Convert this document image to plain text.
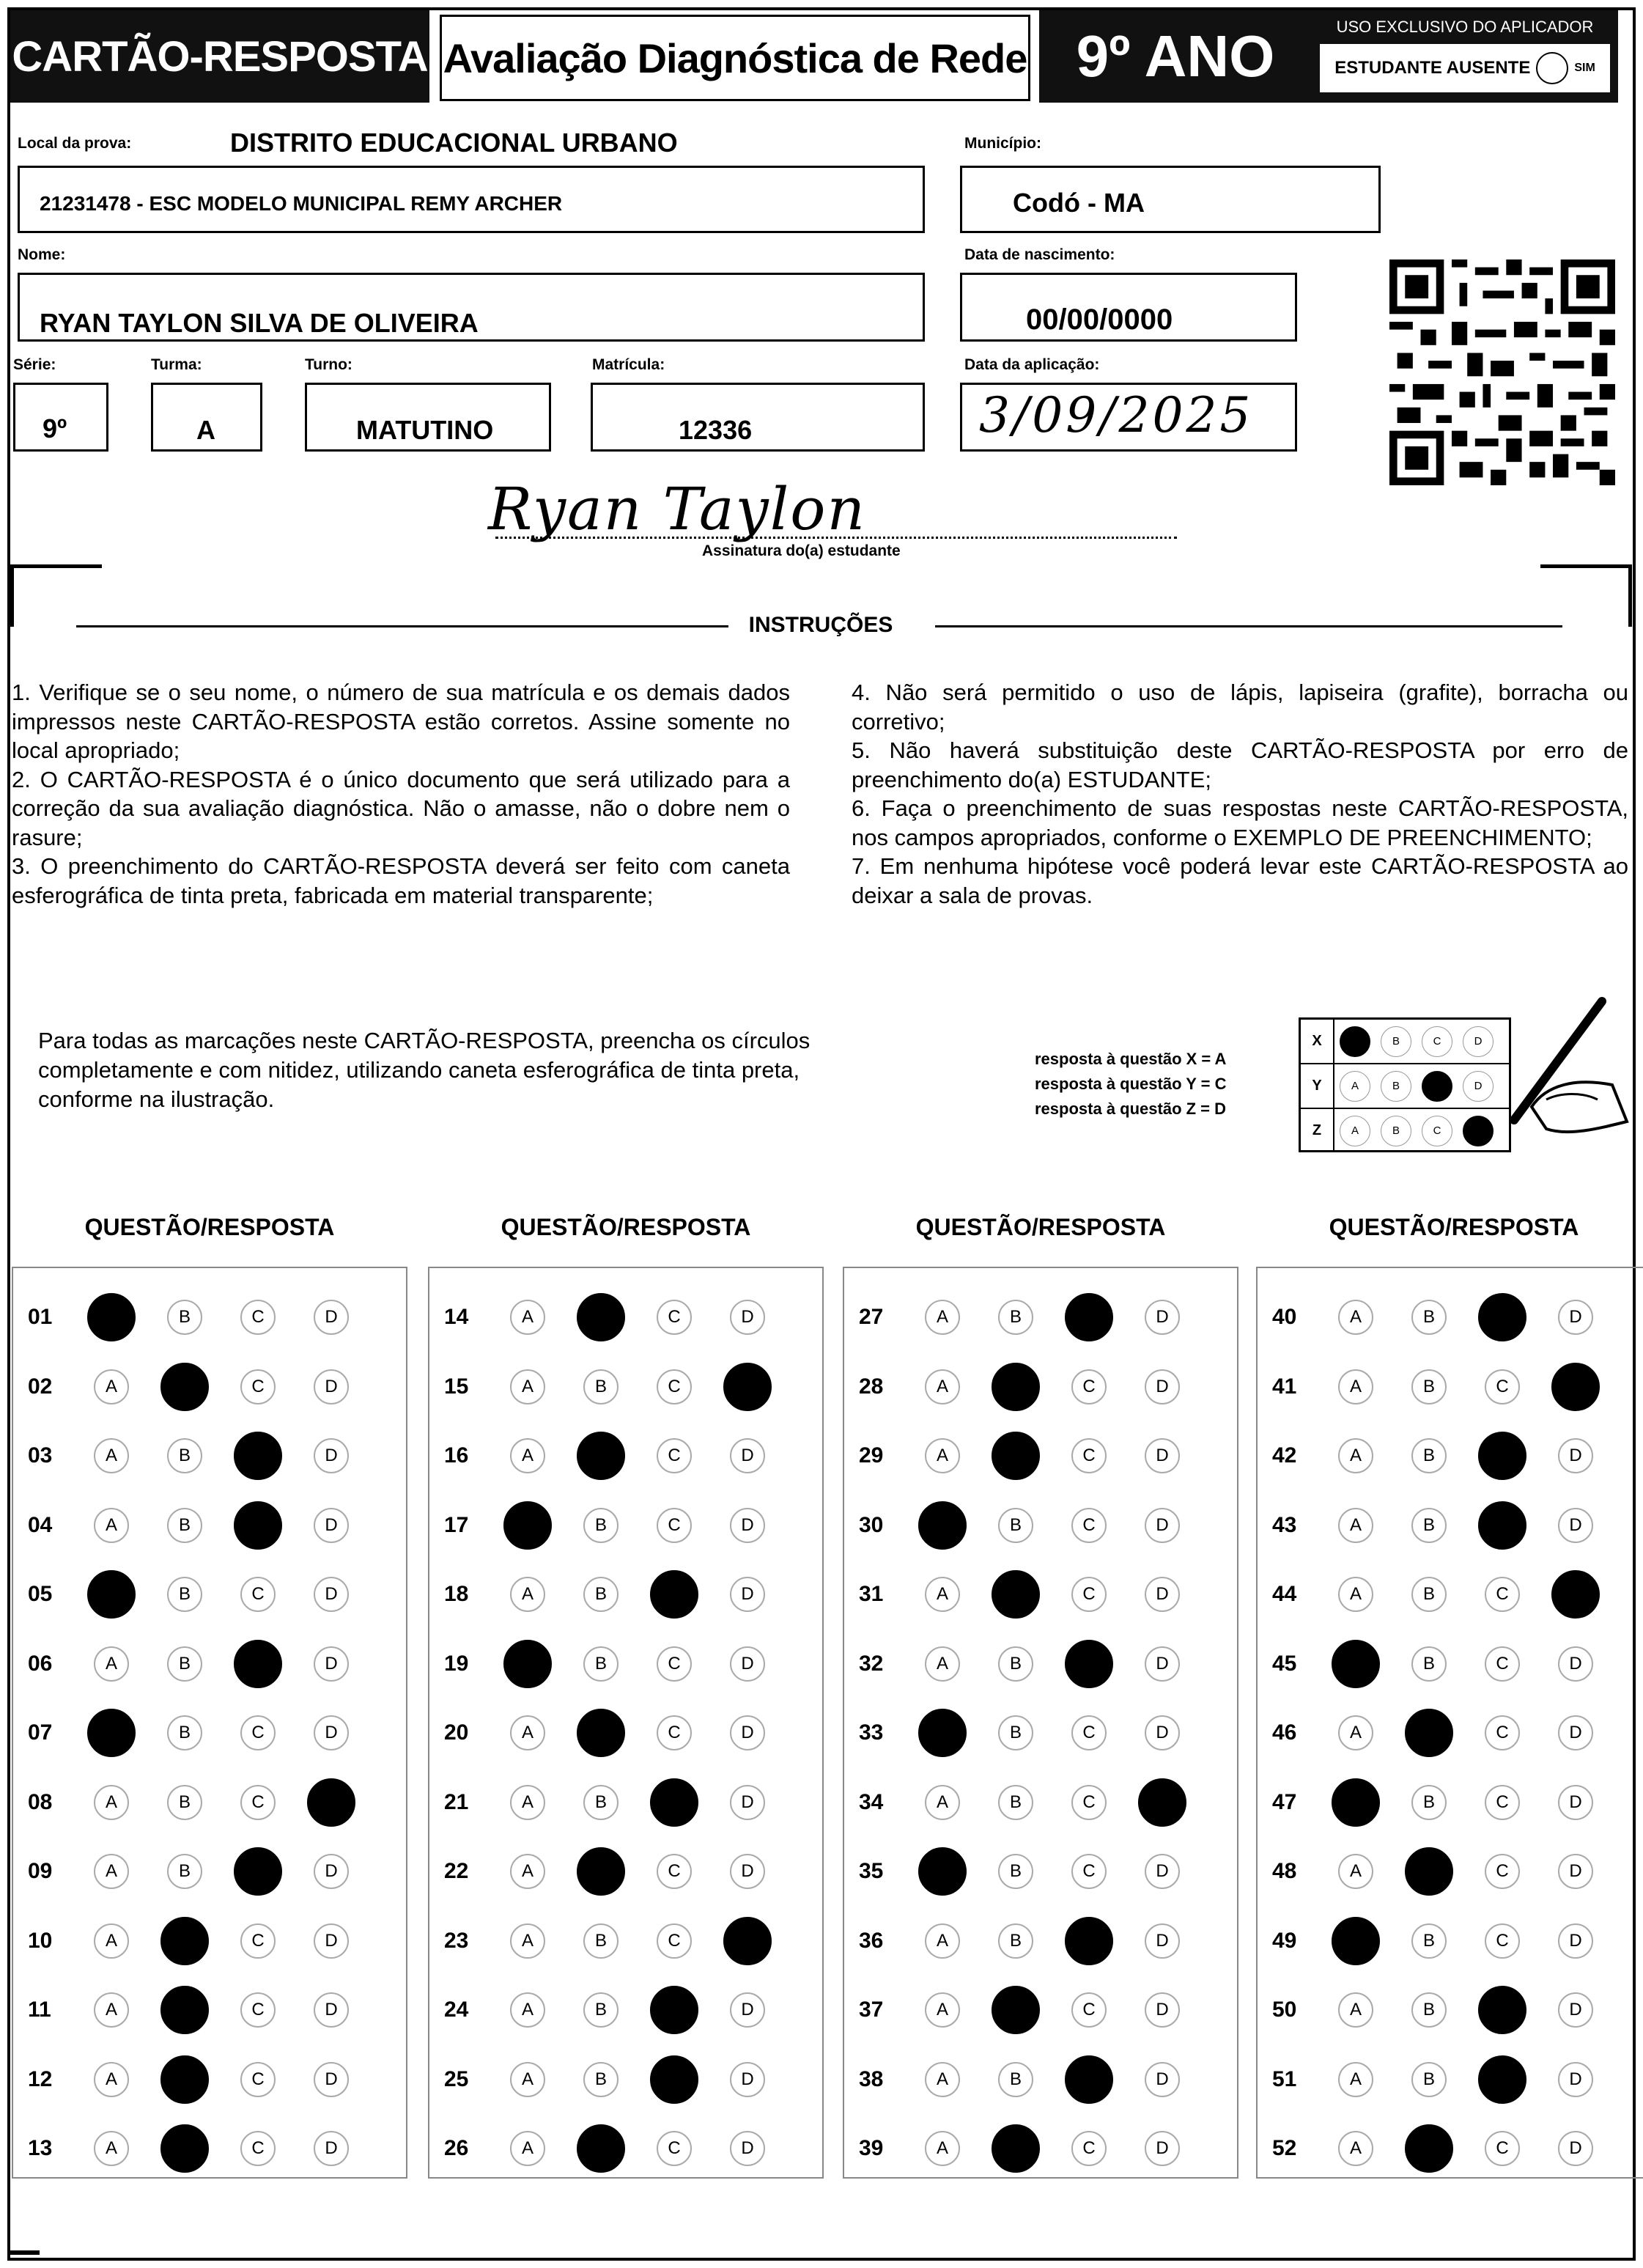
CARTÃO-RESPOSTA Avaliação Diagnóstica de Rede 9º ANO	USO EXCLUSIVO DO APLICADOR
ESTUDANTE AUSENTE	SIM
Local da prova:	DISTRITO EDUCACIONAL URBANO
21231478 - ESC MODELO MUNICIPAL REMY ARCHER
Município:
Codó - MA
Nome:
RYAN TAYLON SILVA DE OLIVEIRA
Data de nascimento:
00/00/0000
Série:
9º
Turma:
A
Turno:
MATUTINO
Matrícula:
12336
Data da aplicação:
3/09/2025
Ryan Taylon
Assinatura do(a) estudante
INSTRUÇÕES

1. Verifique se o seu nome, o número de sua matrícula e os demais dados impressos neste CARTÃO-RESPOSTA estão corretos. Assine somente no local apropriado;

2. O CARTÃO-RESPOSTA é o único documento que será utilizado para a correção da sua avaliação diagnóstica. Não o amasse, não o dobre nem o rasure;

3. O preenchimento do CARTÃO-RESPOSTA deverá ser feito com caneta esferográfica de tinta preta, fabricada em material transparente;

4. Não será permitido o uso de lápis, lapiseira (grafite), borracha ou corretivo;

5. Não haverá substituição deste CARTÃO-RESPOSTA por erro de preenchimento do(a) ESTUDANTE;

6. Faça o preenchimento de suas respostas neste CARTÃO-RESPOSTA, nos campos apropriados, conforme o EXEMPLO DE PREENCHIMENTO;

7. Em nenhuma hipótese você poderá levar este CARTÃO-RESPOSTA ao deixar a sala de provas.

Para todas as marcações neste CARTÃO-RESPOSTA, preencha os círculos completamente e com nitidez, utilizando caneta esferográfica de tinta preta, conforme na ilustração.
resposta à questão X = A
resposta à questão Y = C
resposta à questão Z = D
X	A	B	C	D
Y	A	B	C	D
Z	A	B	C	D
QUESTÃO/RESPOSTA
01	A	B	C	D
02	A	B	C	D
03	A	B	C	D
04	A	B	C	D
05	A	B	C	D
06	A	B	C	D
07	A	B	C	D
08	A	B	C	D
09	A	B	C	D
10	A	B	C	D
11	A	B	C	D
12	A	B	C	D
13	A	B	C	D
QUESTÃO/RESPOSTA
14	A	B	C	D
15	A	B	C	D
16	A	B	C	D
17	A	B	C	D
18	A	B	C	D
19	A	B	C	D
20	A	B	C	D
21	A	B	C	D
22	A	B	C	D
23	A	B	C	D
24	A	B	C	D
25	A	B	C	D
26	A	B	C	D
QUESTÃO/RESPOSTA
27	A	B	C	D
28	A	B	C	D
29	A	B	C	D
30	A	B	C	D
31	A	B	C	D
32	A	B	C	D
33	A	B	C	D
34	A	B	C	D
35	A	B	C	D
36	A	B	C	D
37	A	B	C	D
38	A	B	C	D
39	A	B	C	D
QUESTÃO/RESPOSTA
40	A	B	C	D
41	A	B	C	D
42	A	B	C	D
43	A	B	C	D
44	A	B	C	D
45	A	B	C	D
46	A	B	C	D
47	A	B	C	D
48	A	B	C	D
49	A	B	C	D
50	A	B	C	D
51	A	B	C	D
52	A	B	C	D
